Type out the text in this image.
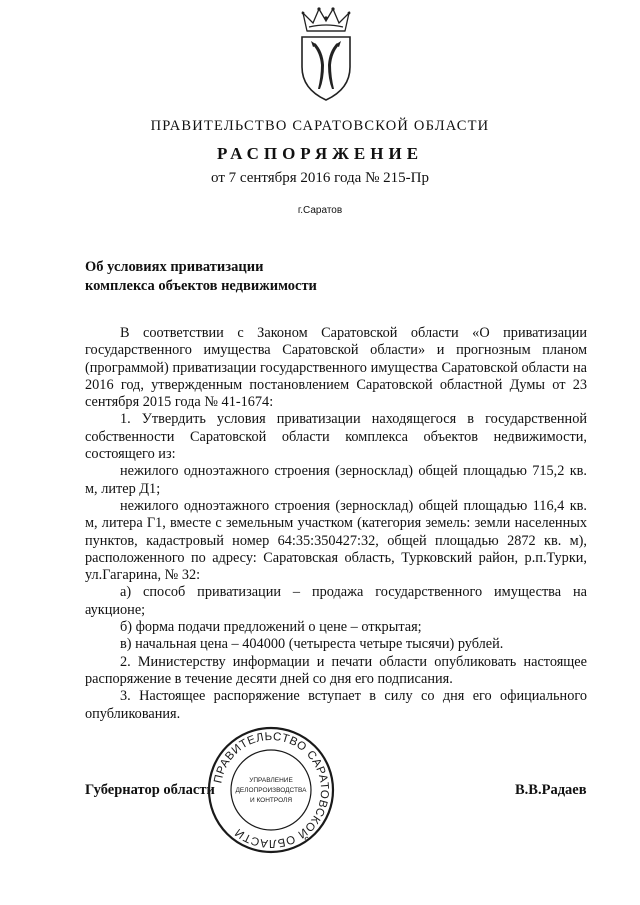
ПРАВИТЕЛЬСТВО САРАТОВСКОЙ ОБЛАСТИ
РАСПОРЯЖЕНИЕ
от 7 сентября 2016 года № 215-Пр
г.Саратов
Об условиях приватизации
комплекса объектов недвижимости

В соответствии с Законом Саратовской области «О приватизации государственного имущества Саратовской области» и прогнозным планом (программой) приватизации государственного имущества Саратовской области на 2016 год, утвержденным постановлением Саратовской областной Думы от 23 сентября 2015 года № 41-1674:

1. Утвердить условия приватизации находящегося в государственной собственности Саратовской области комплекса объектов недвижимости, состоящего из:

нежилого одноэтажного строения (зерносклад) общей площадью 715,2 кв. м, литер Д1;

нежилого одноэтажного строения (зерносклад) общей площадью 116,4 кв. м, литера Г1, вместе с земельным участком (категория земель: земли населенных пунктов, кадастровый номер 64:35:350427:32, общей площадью 2872 кв. м), расположенного по адресу: Саратовская область, Турковский район, р.п.Турки, ул.Гагарина, № 32:

а) способ приватизации – продажа государственного имущества на аукционе;

б) форма подачи предложений о цене – открытая;

в) начальная цена – 404000 (четыреста четыре тысячи) рублей.

2. Министерству информации и печати области опубликовать настоящее распоряжение в течение десяти дней со дня его подписания.

3. Настоящее распоряжение вступает в силу со дня его официального опубликования.

Губернатор области	В.В.Радаев
ПРАВИТЕЛЬСТВО САРАТОВСКОЙ ОБЛАСТИ
УПРАВЛЕНИЕ
ДЕЛОПРОИЗВОДСТВА
И КОНТРОЛЯ
